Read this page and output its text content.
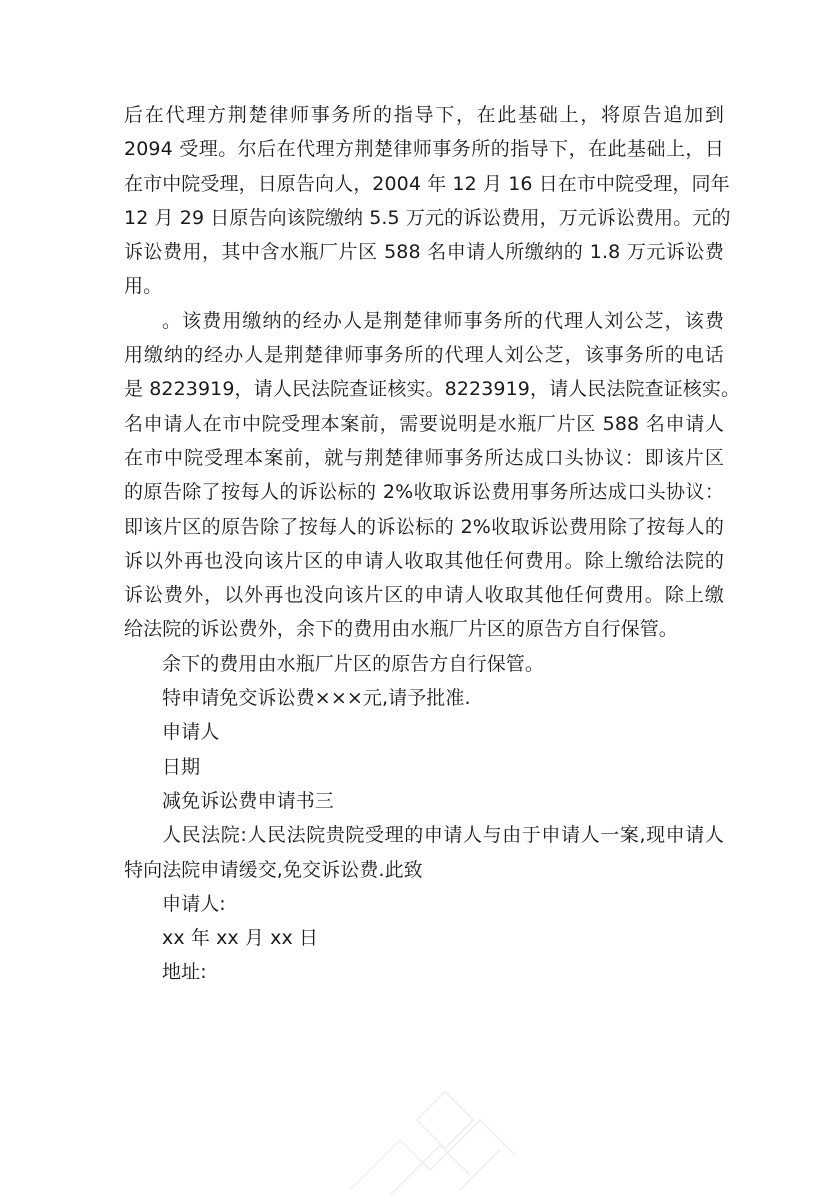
后在代理方荆楚律师事务所的指导下，在此基础上，将原告追加到
2094 受理。尔后在代理方荆楚律师事务所的指导下，在此基础上，日
在市中院受理，日原告向人，2004 年 12 月 16 日在市中院受理，同年
12 月 29 日原告向该院缴纳 5.5 万元的诉讼费用，万元诉讼费用。元的
诉讼费用，其中含水瓶厂片区 588 名申请人所缴纳的 1.8 万元诉讼费
用。
。该费用缴纳的经办人是荆楚律师事务所的代理人刘公芝，该费
用缴纳的经办人是荆楚律师事务所的代理人刘公芝，该事务所的电话
是 8223919，请人民法院查证核实。8223919，请人民法院查证核实。
名申请人在市中院受理本案前，需要说明是水瓶厂片区 588 名申请人
在市中院受理本案前，就与荆楚律师事务所达成口头协议：即该片区
的原告除了按每人的诉讼标的 2%收取诉讼费用事务所达成口头协议：
即该片区的原告除了按每人的诉讼标的 2%收取诉讼费用除了按每人的
诉以外再也没向该片区的申请人收取其他任何费用。除上缴给法院的
诉讼费外，以外再也没向该片区的申请人收取其他任何费用。除上缴
给法院的诉讼费外，余下的费用由水瓶厂片区的原告方自行保管。
余下的费用由水瓶厂片区的原告方自行保管。
特申请免交诉讼费×××元,请予批准.
申请人
日期
减免诉讼费申请书三
人民法院:人民法院贵院受理的申请人与由于申请人一案,现申请人
特向法院申请缓交,免交诉讼费.此致
申请人:
xx 年 xx 月 xx 日
地址:
